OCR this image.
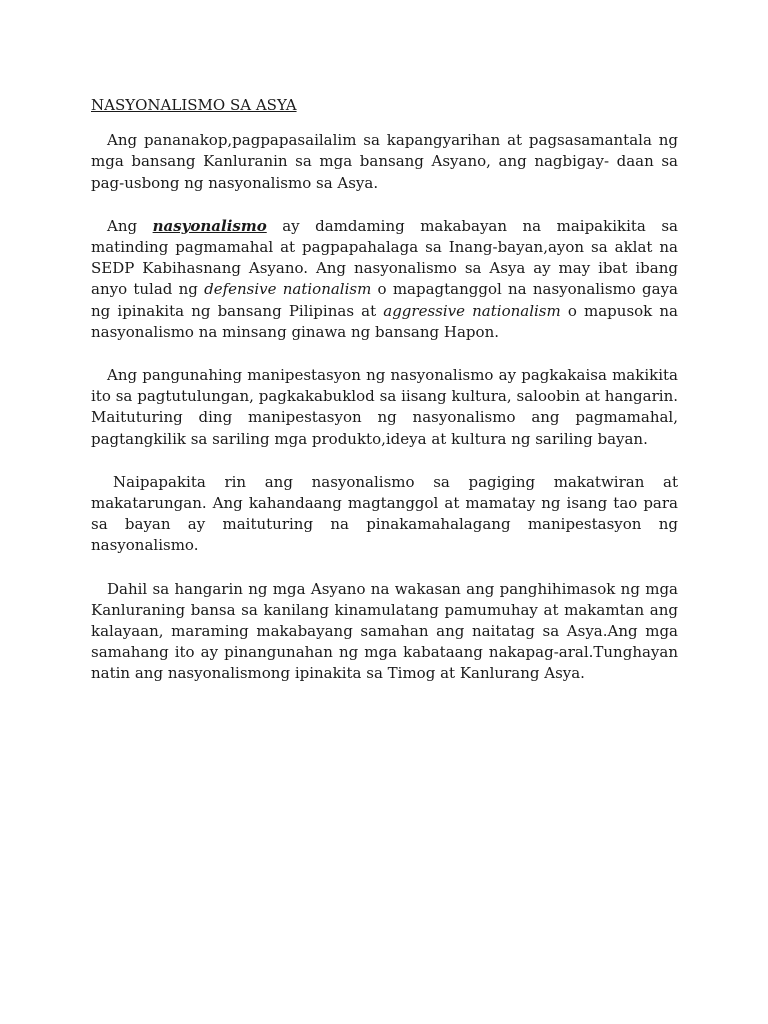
NASYONALISMO SA ASYA

Ang pananakop,pagpapasailalim sa kapangyarihan at pagsasamantala ng mga bansang Kanluranin sa mga bansang Asyano, ang nagbigay- daan sa pag-usbong ng nasyonalismo sa Asya.

Ang nasyonalismo ay damdaming makabayan na maipakikita sa matinding pagmamahal at pagpapahalaga sa Inang-bayan,ayon sa aklat na SEDP Kabihasnang Asyano. Ang nasyonalismo sa Asya ay may ibat ibang anyo tulad ng defensive nationalism o mapagtanggol na nasyonalismo gaya ng ipinakita ng bansang Pilipinas at aggressive nationalism o mapusok na nasyonalismo na minsang ginawa ng bansang Hapon.

Ang pangunahing manipestasyon ng nasyonalismo ay pagkakaisa makikita ito sa pagtutulungan, pagkakabuklod sa iisang kultura, saloobin at hangarin. Maituturing ding manipestasyon ng nasyonalismo ang pagmamahal, pagtangkilik sa sariling mga produkto,ideya at kultura ng sariling bayan.

Naipapakita rin ang nasyonalismo sa pagiging makatwiran at makatarungan. Ang kahandaang magtanggol at mamatay ng isang tao para sa bayan ay maituturing na pinakamahalagang manipestasyon ng nasyonalismo.

Dahil sa hangarin ng mga Asyano na wakasan ang panghihimasok ng mga Kanluraning bansa sa kanilang kinamulatang pamumuhay at makamtan ang kalayaan, maraming makabayang samahan ang naitatag sa Asya.Ang mga samahang ito ay pinangunahan ng mga kabataang nakapag-aral.Tunghayan natin ang nasyonalismong ipinakita sa Timog at Kanlurang Asya.
